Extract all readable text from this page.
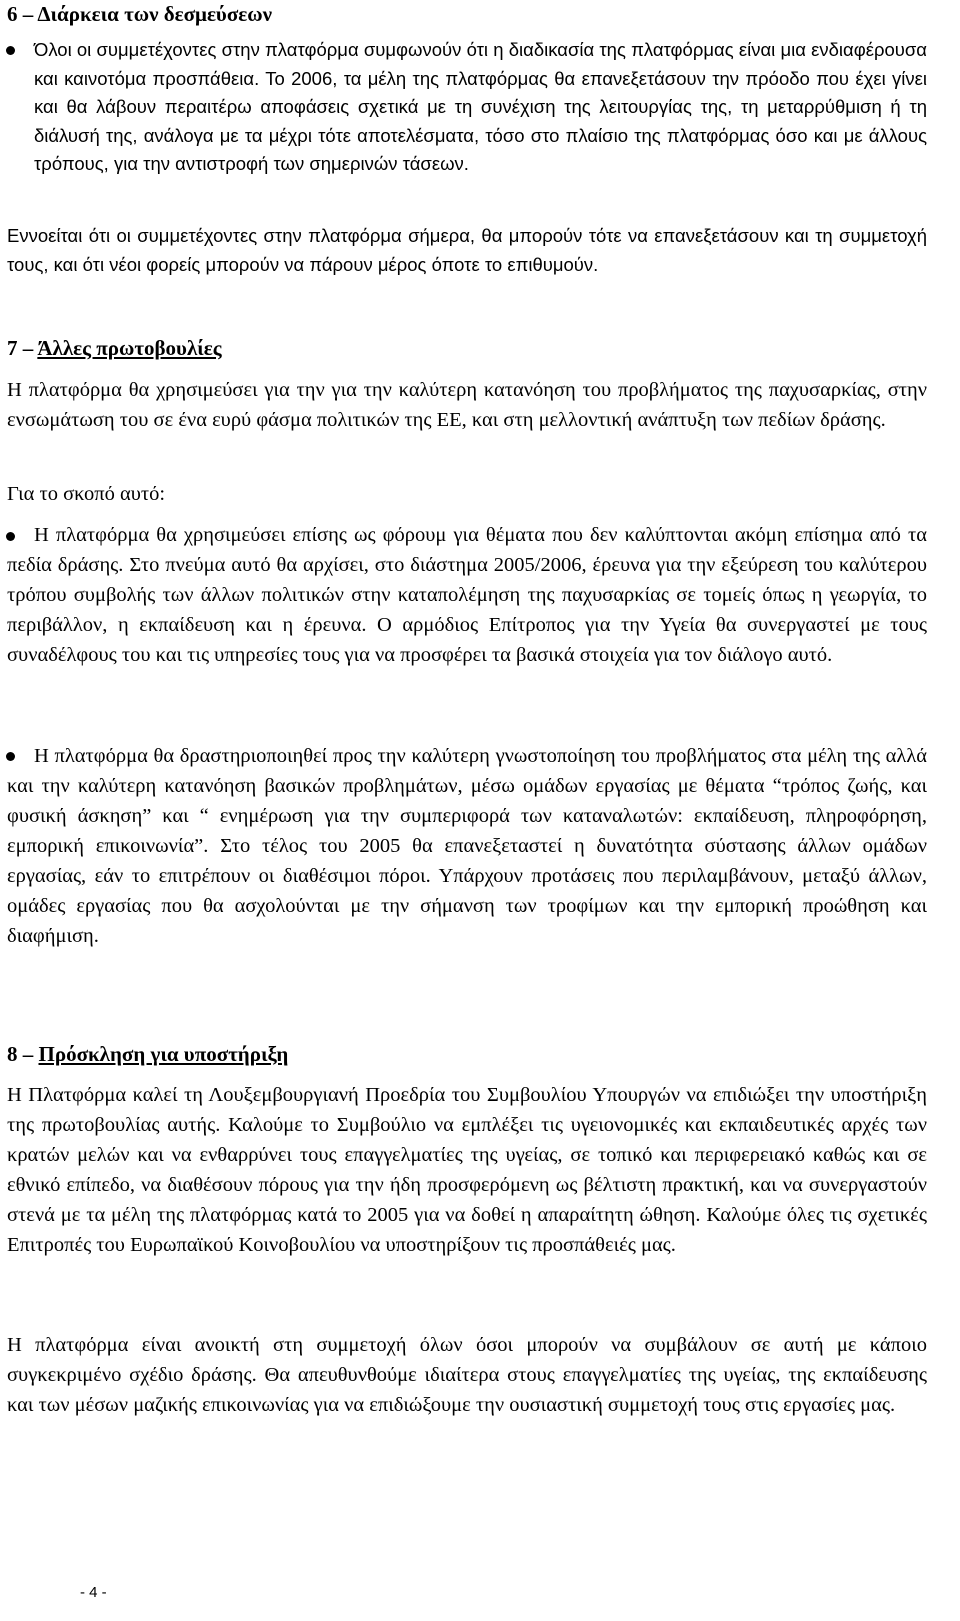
6 – Διάρκεια των δεσμεύσεων

Όλοι οι συμμετέχοντες στην πλατφόρμα συμφωνούν ότι η διαδικασία της πλατφόρμας είναι μια ενδιαφέρουσα και καινοτόμα προσπάθεια. Το 2006, τα μέλη της πλατφόρμας θα επανεξετάσουν την πρόοδο που έχει γίνει και θα λάβουν περαιτέρω αποφάσεις σχετικά με τη συνέχιση της λειτουργίας της, τη μεταρρύθμιση ή τη διάλυσή της, ανάλογα με τα μέχρι τότε αποτελέσματα, τόσο στο πλαίσιο της πλατφόρμας όσο και με άλλους τρόπους, για την αντιστροφή των σημερινών τάσεων.

Εννοείται ότι οι συμμετέχοντες στην πλατφόρμα σήμερα, θα μπορούν τότε να επανεξετάσουν και τη συμμετοχή τους, και ότι νέοι φορείς μπορούν να πάρουν μέρος όποτε το επιθυμούν.

7 – Άλλες πρωτοβουλίες

Η πλατφόρμα θα χρησιμεύσει για την για την καλύτερη κατανόηση του προβλήματος της παχυσαρκίας, στην ενσωμάτωση του σε ένα ευρύ φάσμα πολιτικών της ΕΕ, και στη μελλοντική ανάπτυξη των πεδίων δράσης.

Για το σκοπό αυτό:

Η πλατφόρμα θα χρησιμεύσει επίσης ως φόρουμ για θέματα που δεν καλύπτονται ακόμη επίσημα από τα πεδία δράσης. Στο πνεύμα αυτό θα αρχίσει, στο διάστημα 2005/2006, έρευνα για την εξεύρεση του καλύτερου τρόπου συμβολής των άλλων πολιτικών στην καταπολέμηση της παχυσαρκίας σε τομείς όπως η γεωργία, το περιβάλλον, η εκπαίδευση και η έρευνα. Ο αρμόδιος Επίτροπος για την Υγεία θα συνεργαστεί με τους συναδέλφους του και τις υπηρεσίες τους για να προσφέρει τα βασικά στοιχεία για τον διάλογο αυτό.

Η πλατφόρμα θα δραστηριοποιηθεί προς την καλύτερη γνωστοποίηση του προβλήματος στα μέλη της αλλά και την καλύτερη κατανόηση βασικών προβλημάτων, μέσω ομάδων εργασίας με θέματα “τρόπος ζωής, και φυσική άσκηση” και “ ενημέρωση για την συμπεριφορά των καταναλωτών: εκπαίδευση, πληροφόρηση, εμπορική επικοινωνία”. Στο τέλος του 2005 θα επανεξεταστεί η δυνατότητα σύστασης άλλων ομάδων εργασίας, εάν το επιτρέπουν οι διαθέσιμοι πόροι. Υπάρχουν προτάσεις που περιλαμβάνουν, μεταξύ άλλων, ομάδες εργασίας που θα ασχολούνται με την σήμανση των τροφίμων και την εμπορική προώθηση και διαφήμιση.

8 – Πρόσκληση για υποστήριξη

Η Πλατφόρμα καλεί τη Λουξεμβουργιανή Προεδρία του Συμβουλίου Υπουργών να επιδιώξει την υποστήριξη της πρωτοβουλίας αυτής. Καλούμε το Συμβούλιο να εμπλέξει τις υγειονομικές και εκπαιδευτικές αρχές των κρατών μελών και να ενθαρρύνει τους επαγγελματίες της υγείας, σε τοπικό και περιφερειακό καθώς και σε εθνικό επίπεδο, να διαθέσουν πόρους για την ήδη προσφερόμενη ως βέλτιστη πρακτική, και να συνεργαστούν στενά με τα μέλη της πλατφόρμας κατά το 2005 για να δοθεί η απαραίτητη ώθηση. Καλούμε όλες τις σχετικές Επιτροπές του Ευρωπαϊκού Κοινοβουλίου να υποστηρίξουν τις προσπάθειές μας.

Η πλατφόρμα είναι ανοικτή στη συμμετοχή όλων όσοι μπορούν να συμβάλουν σε αυτή με κάποιο συγκεκριμένο σχέδιο δράσης. Θα απευθυνθούμε ιδιαίτερα στους επαγγελματίες της υγείας, της εκπαίδευσης και των μέσων μαζικής επικοινωνίας για να επιδιώξουμε την ουσιαστική συμμετοχή τους στις εργασίες μας.

- 4 -
